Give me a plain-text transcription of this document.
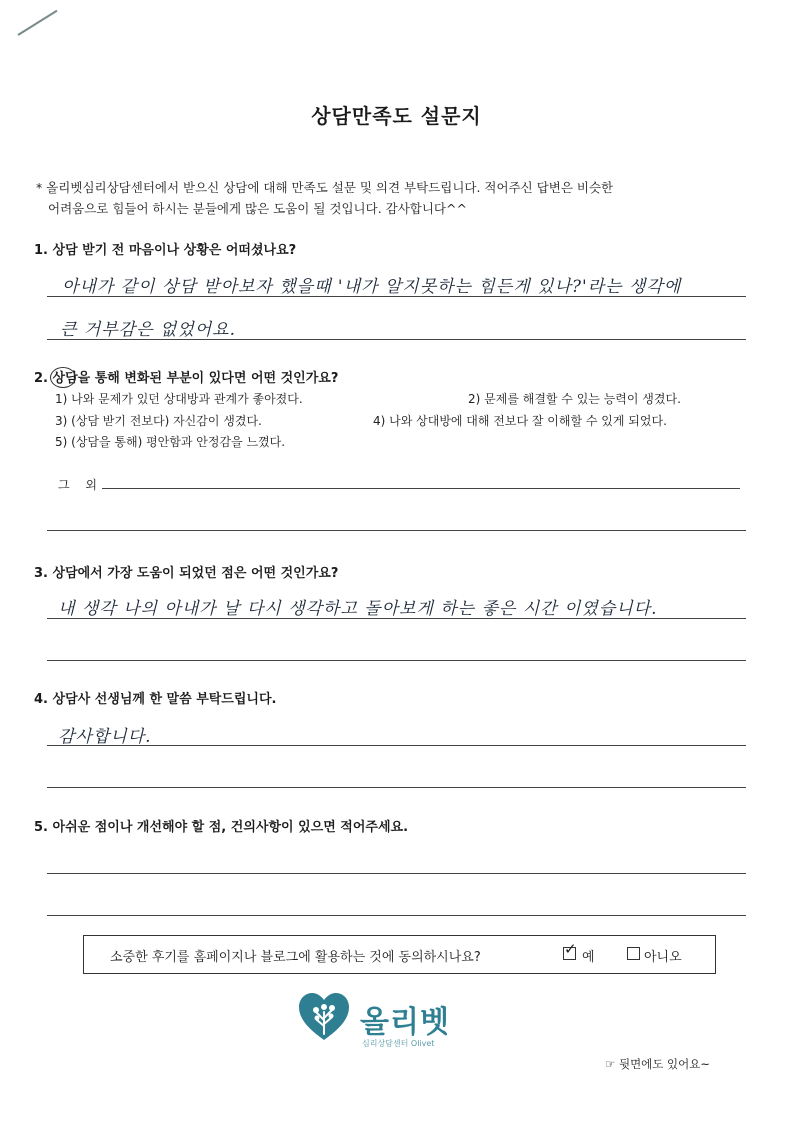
상담만족도 설문지
* 올리벳심리상담센터에서 받으신 상담에 대해 만족도 설문 및 의견 부탁드립니다. 적어주신 답변은 비슷한
어려움으로 힘들어 하시는 분들에게 많은 도움이 될 것입니다. 감사합니다^^
1. 상담 받기 전 마음이나 상황은 어떠셨나요?
아내가 같이 상담 받아보자 했을때 '내가 알지못하는 힘든게 있나?'라는 생각에
큰 거부감은 없었어요.
2. 상담을 통해 변화된 부분이 있다면 어떤 것인가요?
1) 나와 문제가 있던 상대방과 관계가 좋아졌다.	2) 문제를 해결할 수 있는 능력이 생겼다.
3) (상담 받기 전보다) 자신감이 생겼다.	4) 나와 상대방에 대해 전보다 잘 이해할 수 있게 되었다.
5) (상담을 통해) 평안함과 안정감을 느꼈다.
그 외
3. 상담에서 가장 도움이 되었던 점은 어떤 것인가요?
내 생각 나의 아내가 날 다시 생각하고 돌아보게 하는 좋은 시간 이였습니다.
4. 상담사 선생님께 한 말씀 부탁드립니다.
감사합니다.
5. 아쉬운 점이나 개선해야 할 점, 건의사항이 있으면 적어주세요.
소중한 후기를 홈페이지나 블로그에 활용하는 것에 동의하시나요?	✓ 예	아니오
올리벳
심리상담센터 Olivet
☞ 뒷면에도 있어요~
